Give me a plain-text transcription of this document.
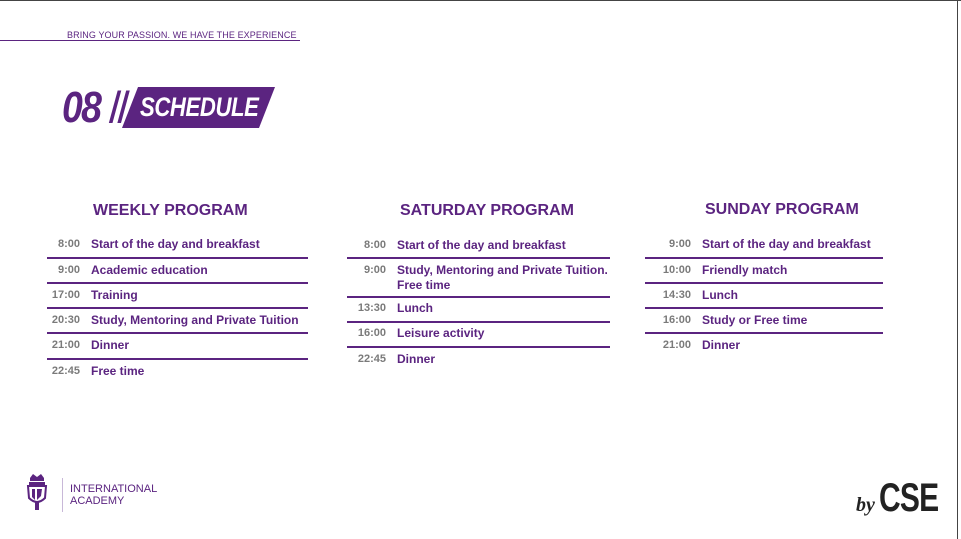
BRING YOUR PASSION. WE HAVE THE EXPERIENCE
08 // SCHEDULE
WEEKLY PROGRAM
8:00 Start of the day and breakfast
9:00 Academic education
17:00 Training
20:30 Study, Mentoring and Private Tuition
21:00 Dinner
22:45 Free time
SATURDAY PROGRAM
8:00 Start of the day and breakfast
9:00 Study, Mentoring and Private Tuition. Free time
13:30 Lunch
16:00 Leisure activity
22:45 Dinner
SUNDAY PROGRAM
9:00 Start of the day and breakfast
10:00 Friendly match
14:30 Lunch
16:00 Study or Free time
21:00 Dinner
INTERNATIONAL
ACADEMY	by CSE
